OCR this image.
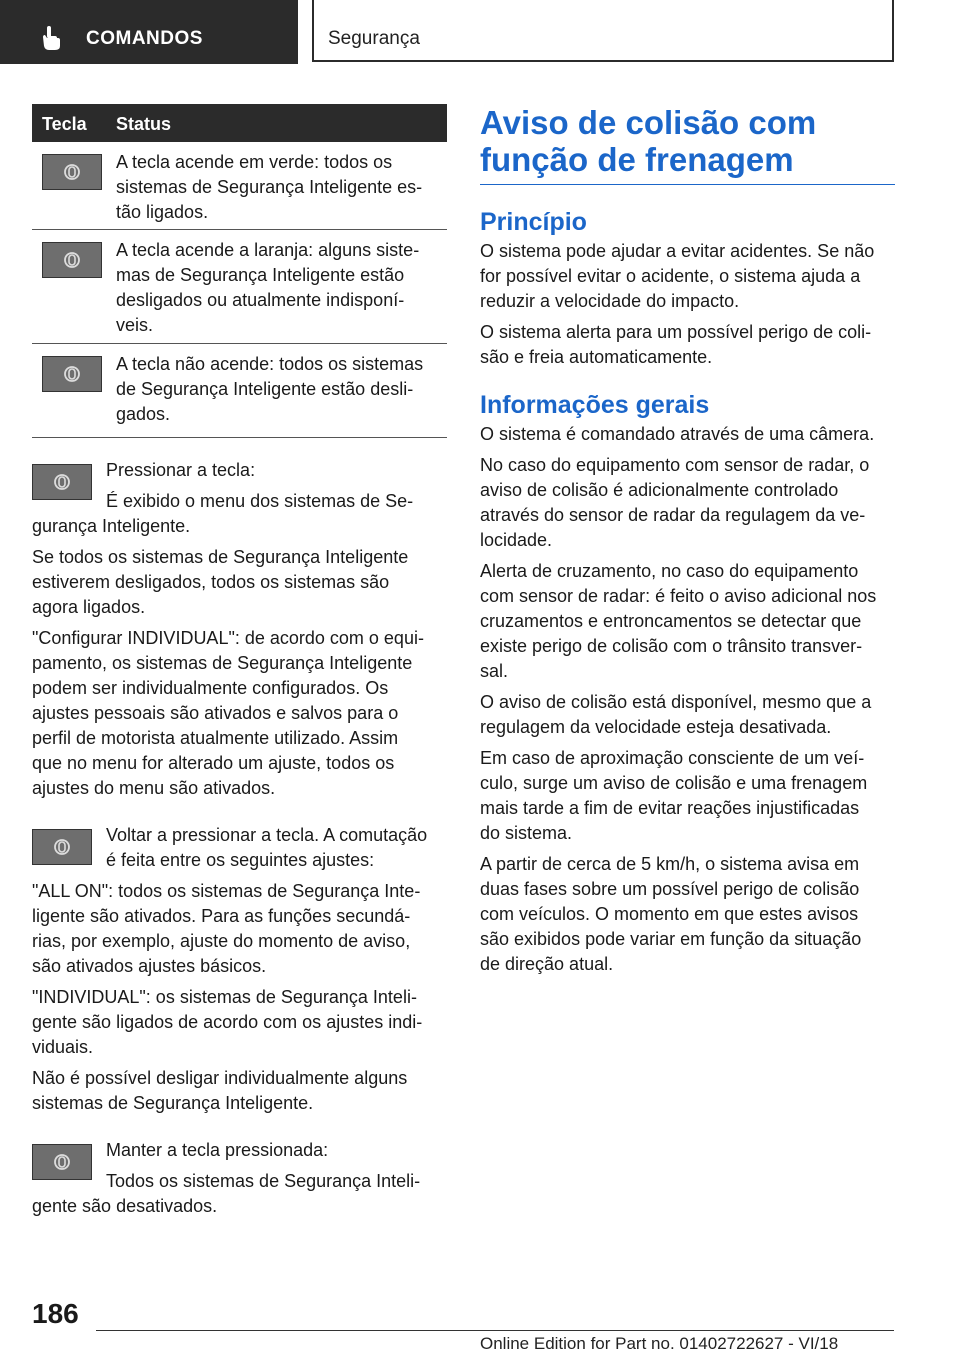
COMANDOS	Segurança
Tecla Status
A tecla acende em verde: todos os
sistemas de Segurança Inteligente es-
tão ligados.
A tecla acende a laranja: alguns siste-
mas de Segurança Inteligente estão
desligados ou atualmente indisponí-
veis.
A tecla não acende: todos os sistemas
de Segurança Inteligente estão desli-
gados.

Pressionar a tecla:

É exibido o menu dos sistemas de Se-

gurança Inteligente.

Se todos os sistemas de Segurança Inteligente

estiverem desligados, todos os sistemas são

agora ligados.

"Configurar INDIVIDUAL": de acordo com o equi-

pamento, os sistemas de Segurança Inteligente

podem ser individualmente configurados. Os

ajustes pessoais são ativados e salvos para o

perfil de motorista atualmente utilizado. Assim

que no menu for alterado um ajuste, todos os

ajustes do menu são ativados.

Voltar a pressionar a tecla. A comutação

é feita entre os seguintes ajustes:

"ALL ON": todos os sistemas de Segurança Inte-

ligente são ativados. Para as funções secundá-

rias, por exemplo, ajuste do momento de aviso,

são ativados ajustes básicos.

"INDIVIDUAL": os sistemas de Segurança Inteli-

gente são ligados de acordo com os ajustes indi-

viduais.

Não é possível desligar individualmente alguns

sistemas de Segurança Inteligente.

Manter a tecla pressionada:

Todos os sistemas de Segurança Inteli-

gente são desativados.

Aviso de colisão com
função de frenagem
Princípio

O sistema pode ajudar a evitar acidentes. Se não

for possível evitar o acidente, o sistema ajuda a

reduzir a velocidade do impacto.

O sistema alerta para um possível perigo de coli-

são e freia automaticamente.

Informações gerais

O sistema é comandado através de uma câmera.

No caso do equipamento com sensor de radar, o

aviso de colisão é adicionalmente controlado

através do sensor de radar da regulagem da ve-

locidade.

Alerta de cruzamento, no caso do equipamento

com sensor de radar: é feito o aviso adicional nos

cruzamentos e entroncamentos se detectar que

existe perigo de colisão com o trânsito transver-

sal.

O aviso de colisão está disponível, mesmo que a

regulagem da velocidade esteja desativada.

Em caso de aproximação consciente de um veí-

culo, surge um aviso de colisão e uma frenagem

mais tarde a fim de evitar reações injustificadas

do sistema.

A partir de cerca de 5 km/h, o sistema avisa em

duas fases sobre um possível perigo de colisão

com veículos. O momento em que estes avisos

são exibidos pode variar em função da situação

de direção atual.

186
Online Edition for Part no. 01402722627 - VI/18
